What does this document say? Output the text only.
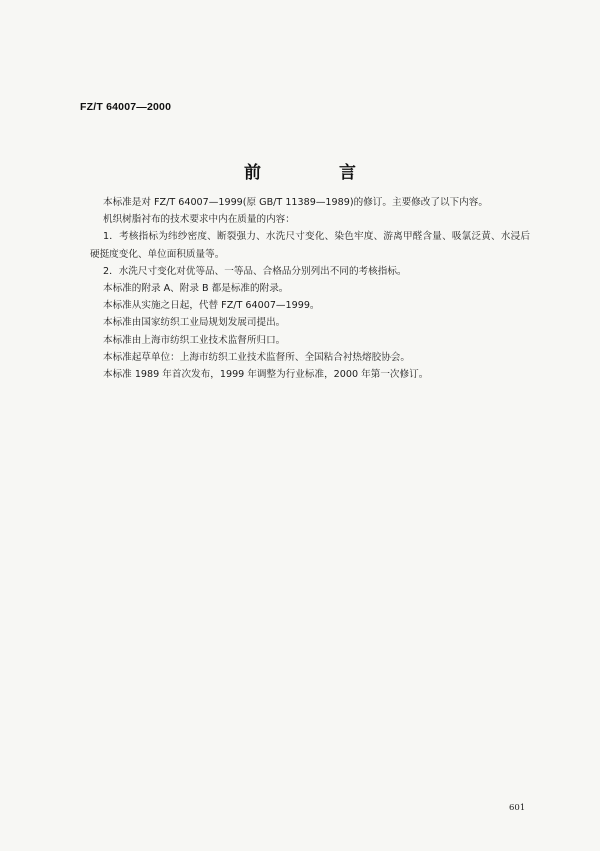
FZ/T 64007—2000
前 言

本标准是对 FZ/T 64007—1999(原 GB/T 11389—1989)的修订。主要修改了以下内容。

机织树脂衬布的技术要求中内在质量的内容：

1．考核指标为纬纱密度、断裂强力、水洗尺寸变化、染色牢度、游离甲醛含量、吸氯泛黄、水浸后硬挺度变化、单位面积质量等。

2．水洗尺寸变化对优等品、一等品、合格品分别列出不同的考核指标。

本标准的附录 A、附录 B 都是标准的附录。

本标准从实施之日起，代替 FZ/T 64007—1999。

本标准由国家纺织工业局规划发展司提出。

本标准由上海市纺织工业技术监督所归口。

本标准起草单位：上海市纺织工业技术监督所、全国粘合衬热熔胶协会。

本标准 1989 年首次发布，1999 年调整为行业标准，2000 年第一次修订。

601
